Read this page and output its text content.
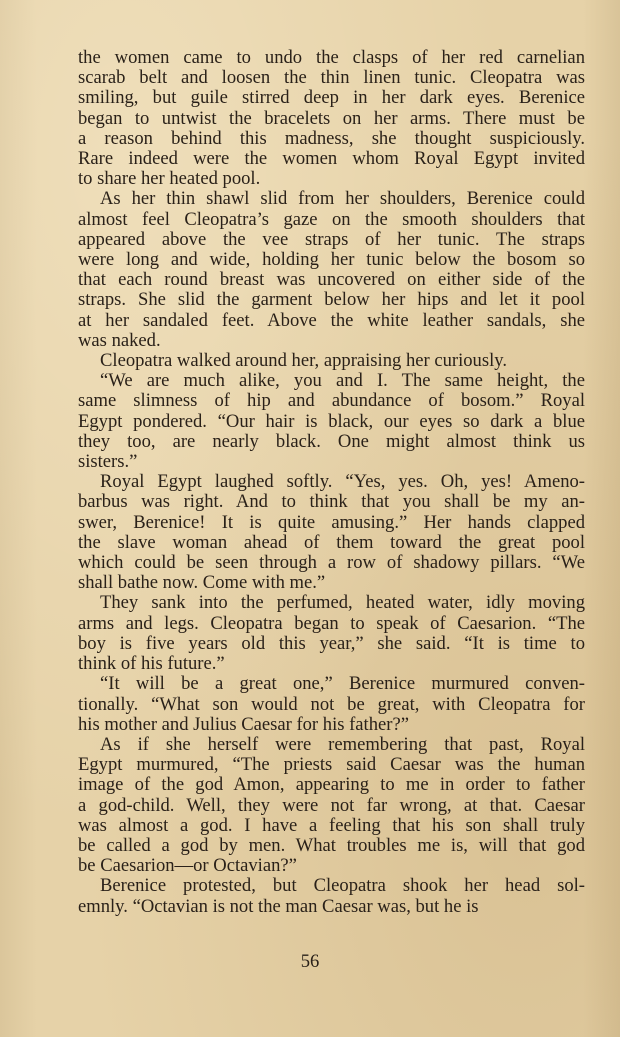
the women came to undo the clasps of her red carnelian
scarab belt and loosen the thin linen tunic. Cleopatra was
smiling, but guile stirred deep in her dark eyes. Berenice
began to untwist the bracelets on her arms. There must be
a reason behind this madness, she thought suspiciously.
Rare indeed were the women whom Royal Egypt invited
to share her heated pool.
As her thin shawl slid from her shoulders, Berenice could
almost feel Cleopatra’s gaze on the smooth shoulders that
appeared above the vee straps of her tunic. The straps
were long and wide, holding her tunic below the bosom so
that each round breast was uncovered on either side of the
straps. She slid the garment below her hips and let it pool
at her sandaled feet. Above the white leather sandals, she
was naked.
Cleopatra walked around her, appraising her curiously.
“We are much alike, you and I. The same height, the
same slimness of hip and abundance of bosom.” Royal
Egypt pondered. “Our hair is black, our eyes so dark a blue
they too, are nearly black. One might almost think us
sisters.”
Royal Egypt laughed softly. “Yes, yes. Oh, yes! Ameno-
barbus was right. And to think that you shall be my an-
swer, Berenice! It is quite amusing.” Her hands clapped
the slave woman ahead of them toward the great pool
which could be seen through a row of shadowy pillars. “We
shall bathe now. Come with me.”
They sank into the perfumed, heated water, idly moving
arms and legs. Cleopatra began to speak of Caesarion. “The
boy is five years old this year,” she said. “It is time to
think of his future.”
“It will be a great one,” Berenice murmured conven-
tionally. “What son would not be great, with Cleopatra for
his mother and Julius Caesar for his father?”
As if she herself were remembering that past, Royal
Egypt murmured, “The priests said Caesar was the human
image of the god Amon, appearing to me in order to father
a god-child. Well, they were not far wrong, at that. Caesar
was almost a god. I have a feeling that his son shall truly
be called a god by men. What troubles me is, will that god
be Caesarion—or Octavian?”
Berenice protested, but Cleopatra shook her head sol-
emnly. “Octavian is not the man Caesar was, but he is
56
